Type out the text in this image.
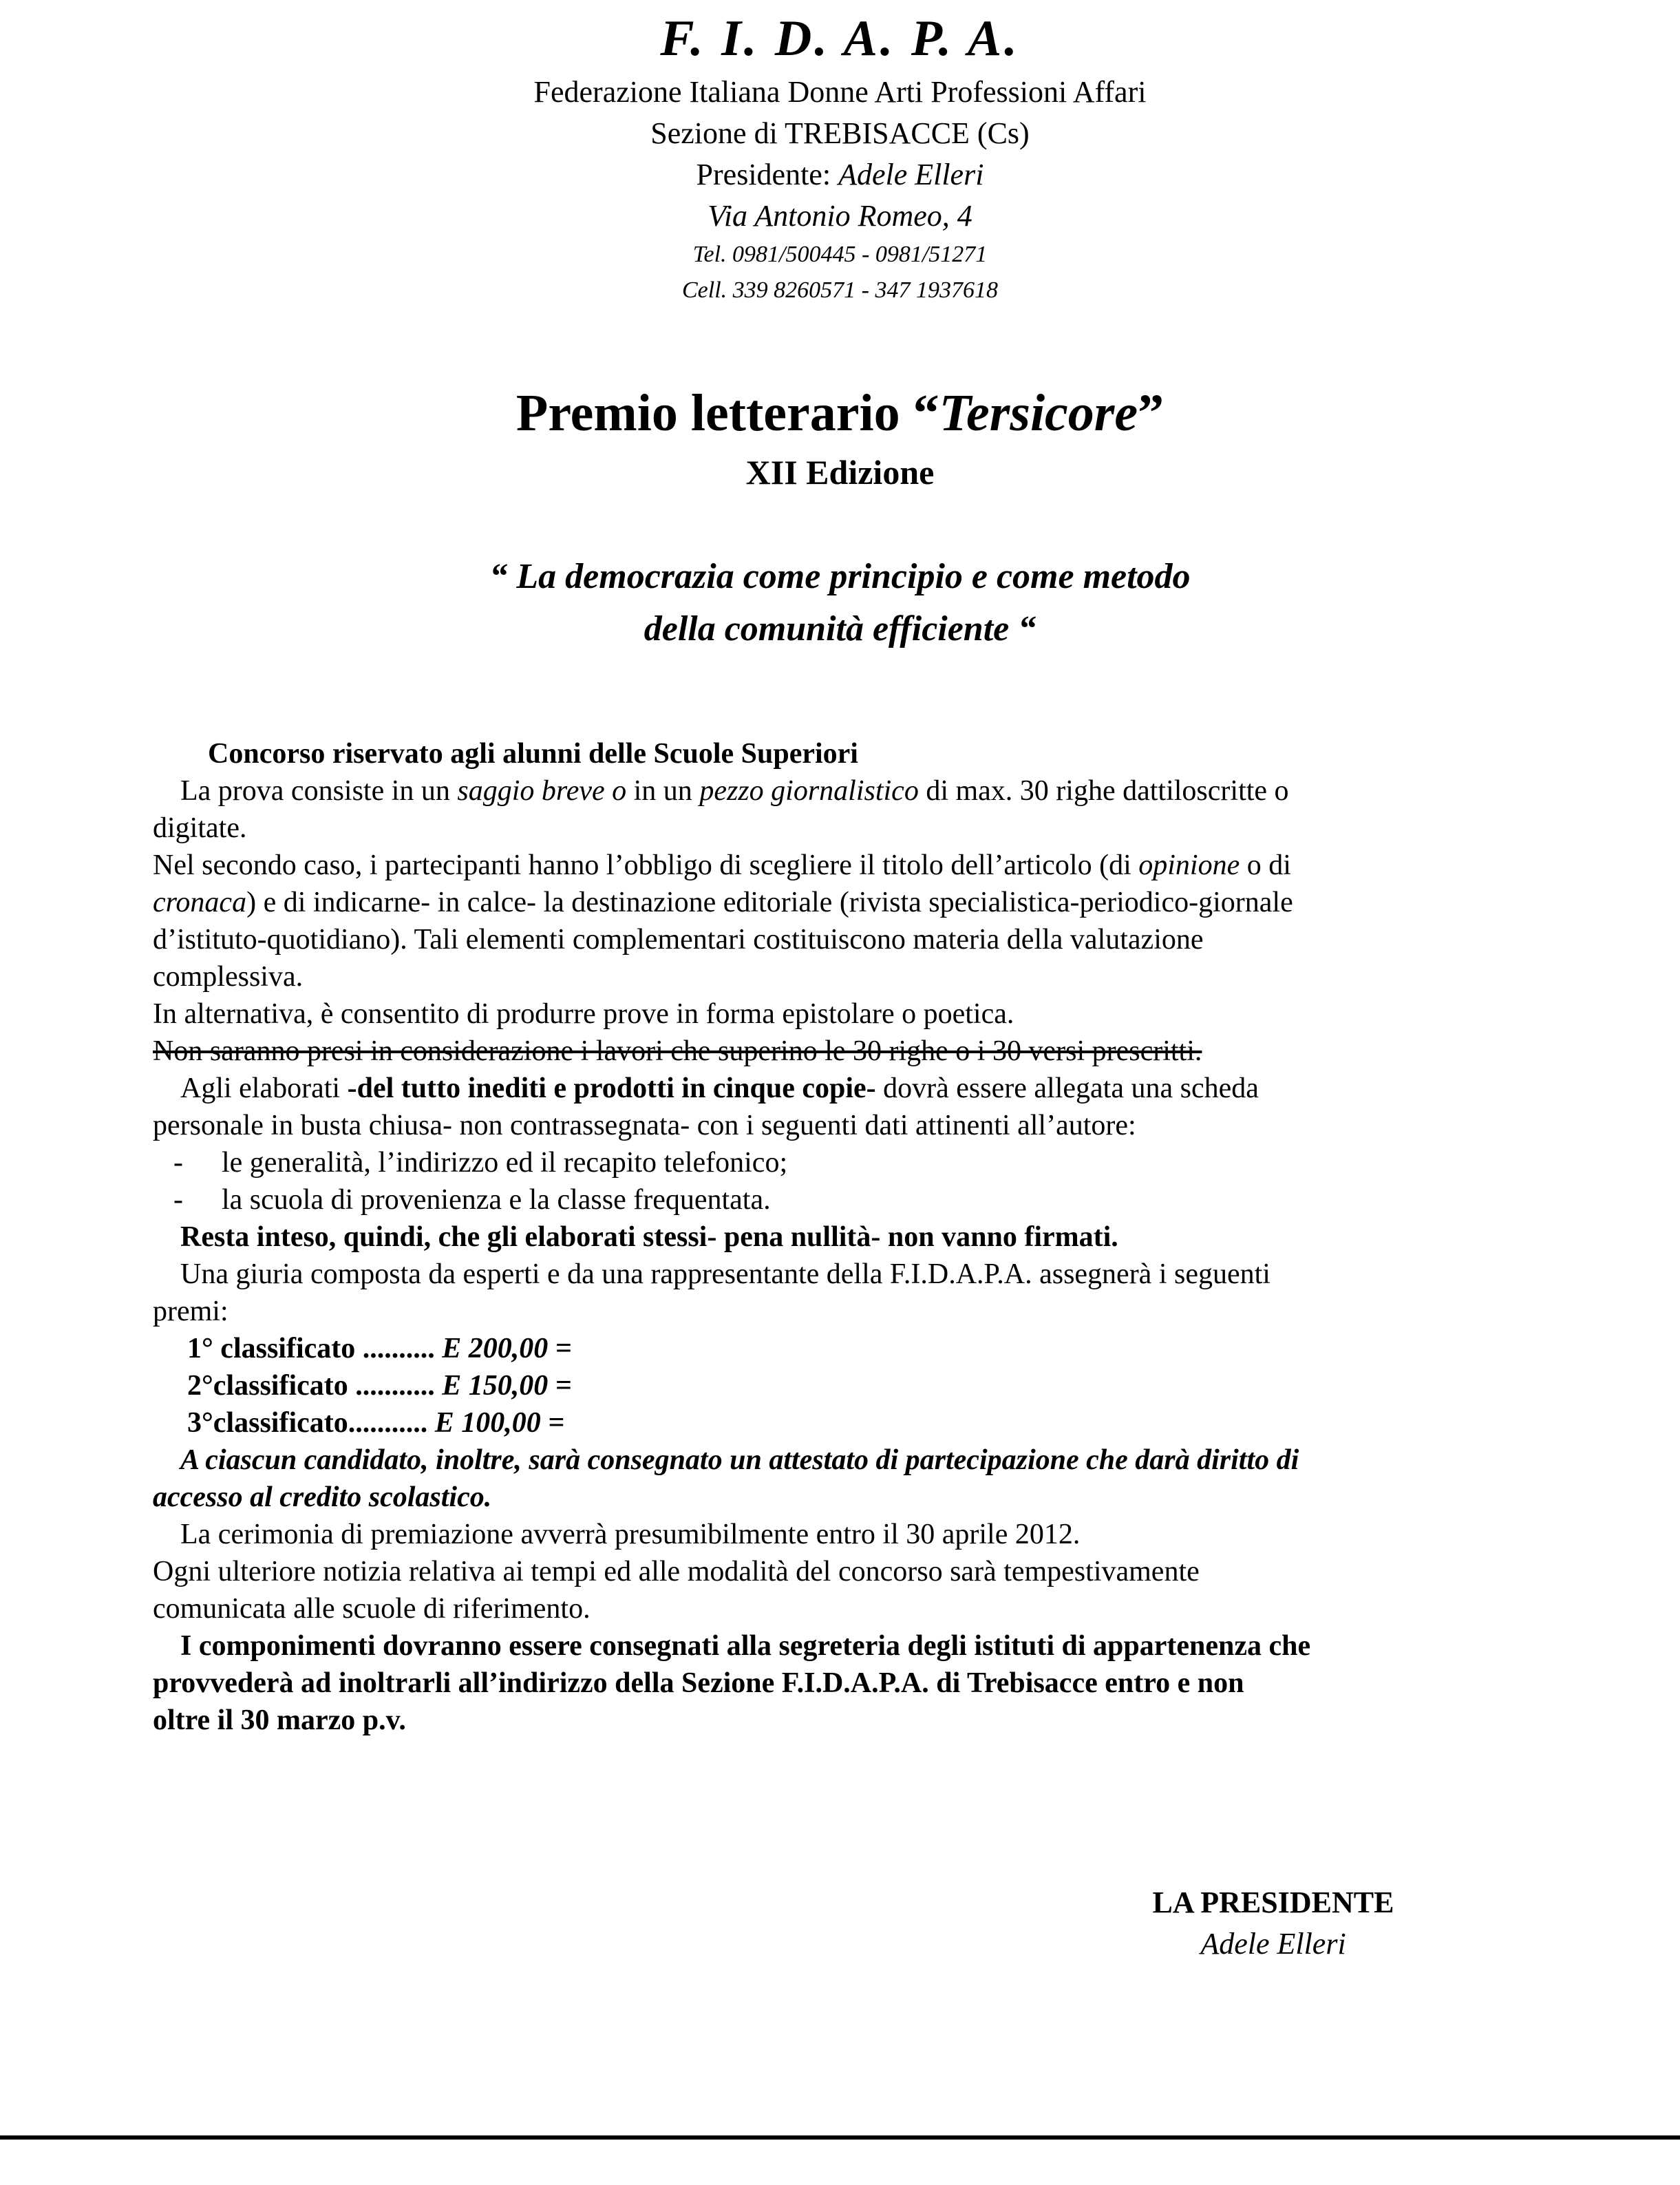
F. I. D. A. P. A.

Federazione Italiana Donne Arti Professioni Affari

Sezione di TREBISACCE (Cs)

Presidente: Adele Elleri

Via Antonio Romeo, 4

Tel. 0981/500445 - 0981/51271

Cell. 339 8260571 - 347 1937618

Premio letterario “Tersicore”

XII Edizione

“ La democrazia come principio e come metodo
della comunità efficiente “

Concorso riservato agli alunni delle Scuole Superiori

La prova consiste in un saggio breve o in un pezzo giornalistico di max. 30 righe dattiloscritte o

digitate.

Nel secondo caso, i partecipanti hanno l’obbligo di scegliere il titolo dell’articolo (di opinione o di

cronaca) e di indicarne- in calce- la destinazione editoriale (rivista specialistica-periodico-giornale

d’istituto-quotidiano). Tali elementi complementari costituiscono materia della valutazione

complessiva.

In alternativa, è consentito di produrre prove in forma epistolare o poetica.

Non saranno presi in considerazione i lavori che superino le 30 righe o i 30 versi prescritti.

Agli elaborati -del tutto inediti e prodotti in cinque copie- dovrà essere allegata una scheda

personale in busta chiusa- non contrassegnata- con i seguenti dati attinenti all’autore:

-	le generalità, l’indirizzo ed il recapito telefonico;
-	la scuola di provenienza e la classe frequentata.

Resta inteso, quindi, che gli elaborati stessi- pena nullità- non vanno firmati.

Una giuria composta da esperti e da una rappresentante della F.I.D.A.P.A. assegnerà i seguenti

premi:

1° classificato .......... E 200,00 =
2°classificato ........... E 150,00 =
3°classificato........... E 100,00 =

A ciascun candidato, inoltre, sarà consegnato un attestato di partecipazione che darà diritto di

accesso al credito scolastico.

La cerimonia di premiazione avverrà presumibilmente entro il 30 aprile 2012.

Ogni ulteriore notizia relativa ai tempi ed alle modalità del concorso sarà tempestivamente

comunicata alle scuole di riferimento.

I componimenti dovranno essere consegnati alla segreteria degli istituti di appartenenza che

provvederà ad inoltrarli all’indirizzo della Sezione F.I.D.A.P.A. di Trebisacce entro e non

oltre il 30 marzo p.v.

LA PRESIDENTE

Adele Elleri
